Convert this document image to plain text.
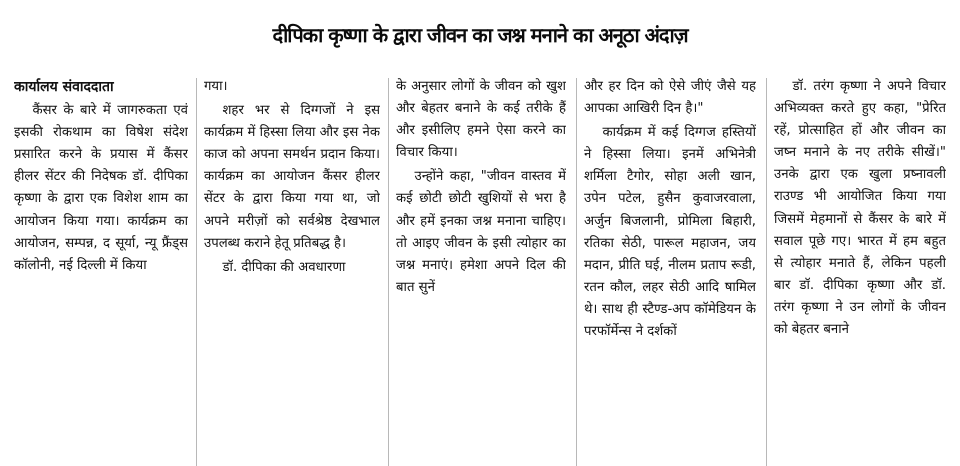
दीपिका कृष्णा के द्वारा जीवन का जश्न मनाने का अनूठा अंदाज़

कार्यालय संवाददाता

कैंसर के बारे में जागरुकता एवं इसकी रोकथाम का विषेश संदेश प्रसारित करने के प्रयास में कैंसर हीलर सेंटर की निदेषक डॉ. दीपिका कृष्णा के द्वारा एक विशेश शाम का आयोजन किया गया। कार्यक्रम का आयोजन, सम्पन्न, द सूर्या, न्यू फ्रैंड्स कॉलोनी, नई दिल्ली में किया

गया।

शहर भर से दिग्गजों ने इस कार्यक्रम में हिस्सा लिया और इस नेक काज को अपना समर्थन प्रदान किया। कार्यक्रम का आयोजन कैंसर हीलर सेंटर के द्वारा किया गया था, जो अपने मरीज़ों को सर्वश्रेष्ठ देखभाल उपलब्ध कराने हेतू प्रतिबद्ध है।

डॉ. दीपिका की अवधारणा

के अनुसार लोगों के जीवन को खुश और बेहतर बनाने के कई तरीके हैं और इसीलिए हमने ऐसा करने का विचार किया।

उन्होंने कहा, "जीवन वास्तव में कई छोटी छोटी खुशियों से भरा है और हमें इनका जश्न मनाना चाहिए। तो आइए जीवन के इसी त्योहार का जश्न मनाएं। हमेशा अपने दिल की बात सुनें

और हर दिन को ऐसे जीएं जैसे यह आपका आखिरी दिन है।"

कार्यक्रम में कई दिग्गज हस्तियों ने हिस्सा लिया। इनमें अभिनेत्री शर्मिला टैगोर, सोहा अली खान, उपेन पटेल, हुसैन कुवाजरवाला, अर्जुन बिजलानी, प्रोमिला बिहारी, रतिका सेठी, पारूल महाजन, जय मदान, प्रीति घई, नीलम प्रताप रूडी, रतन कौल, लहर सेठी आदि षामिल थे। साथ ही स्टैण्ड-अप कॉमेडियन के परफॉर्मेन्स ने दर्शकों

डॉ. तरंग कृष्णा ने अपने विचार अभिव्यक्त करते हुए कहा, "प्रेरित रहें, प्रोत्साहित हों और जीवन का जष्न मनाने के नए तरीके सीखें।" उनके द्वारा एक खुला प्रष्नावली राउण्ड भी आयोजित किया गया जिसमें मेहमानों से कैंसर के बारे में सवाल पूछे गए। भारत में हम बहुत से त्योहार मनाते हैं, लेकिन पहली बार डॉ. दीपिका कृष्णा और डॉ. तरंग कृष्णा ने उन लोगों के जीवन को बेहतर बनाने
